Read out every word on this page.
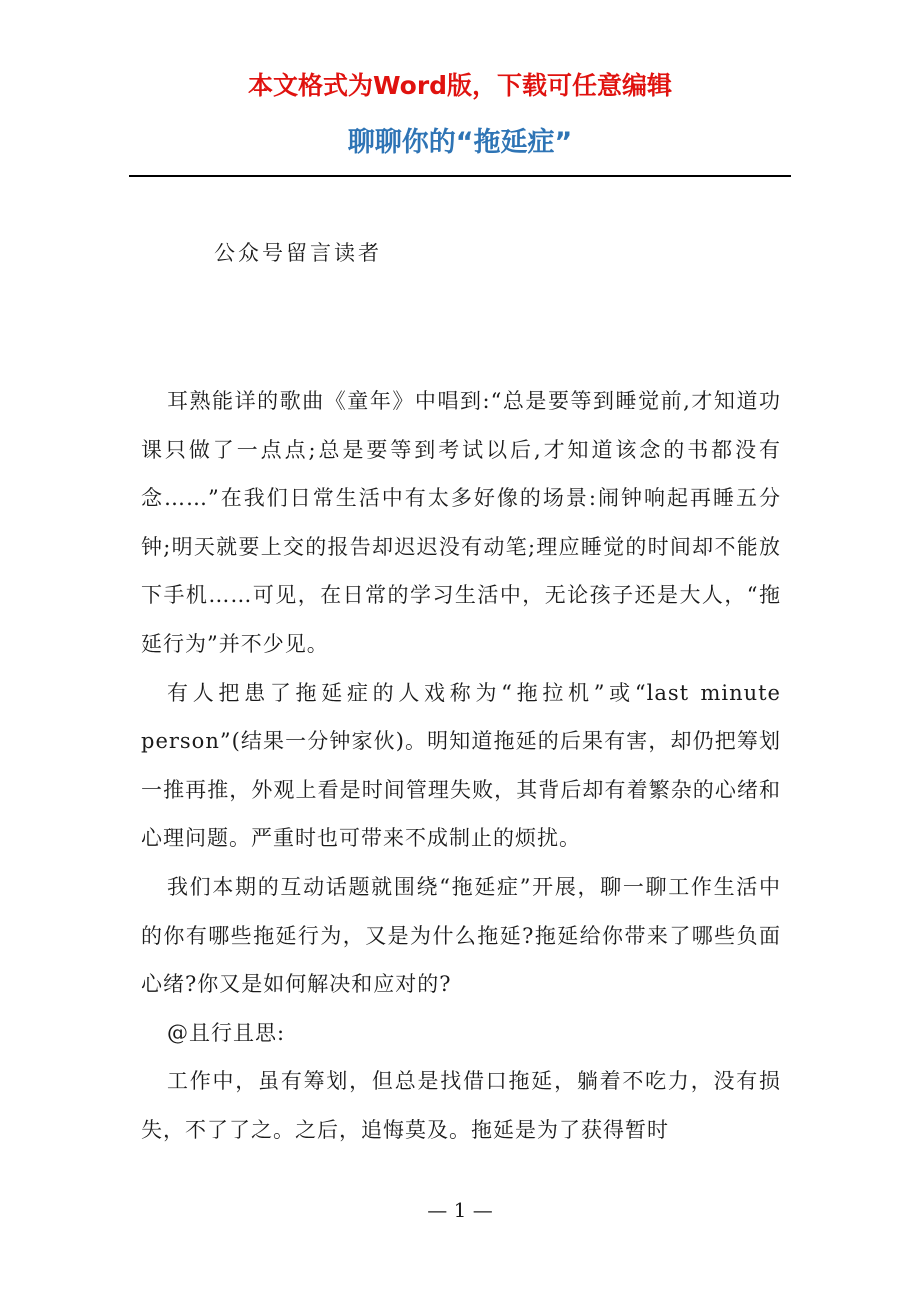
本文格式为Word版，下载可任意编辑
聊聊你的“拖延症”
公众号留言读者

耳熟能详的歌曲《童年》中唱到:“总是要等到睡觉前,才知道功课只做了一点点;总是要等到考试以后,才知道该念的书都没有念……”在我们日常生活中有太多好像的场景:闹钟响起再睡五分钟;明天就要上交的报告却迟迟没有动笔;理应睡觉的时间却不能放下手机……可见，在日常的学习生活中，无论孩子还是大人，“拖延行为”并不少见。

有人把患了拖延症的人戏称为“拖拉机”或“last minute person”(结果一分钟家伙)。明知道拖延的后果有害，却仍把筹划一推再推，外观上看是时间管理失败，其背后却有着繁杂的心绪和心理问题。严重时也可带来不成制止的烦扰。

我们本期的互动话题就围绕“拖延症”开展，聊一聊工作生活中的你有哪些拖延行为，又是为什么拖延?拖延给你带来了哪些负面心绪?你又是如何解决和应对的?

@且行且思:

工作中，虽有筹划，但总是找借口拖延，躺着不吃力，没有损失，不了了之。之后，追悔莫及。拖延是为了获得暂时

— 1 —
